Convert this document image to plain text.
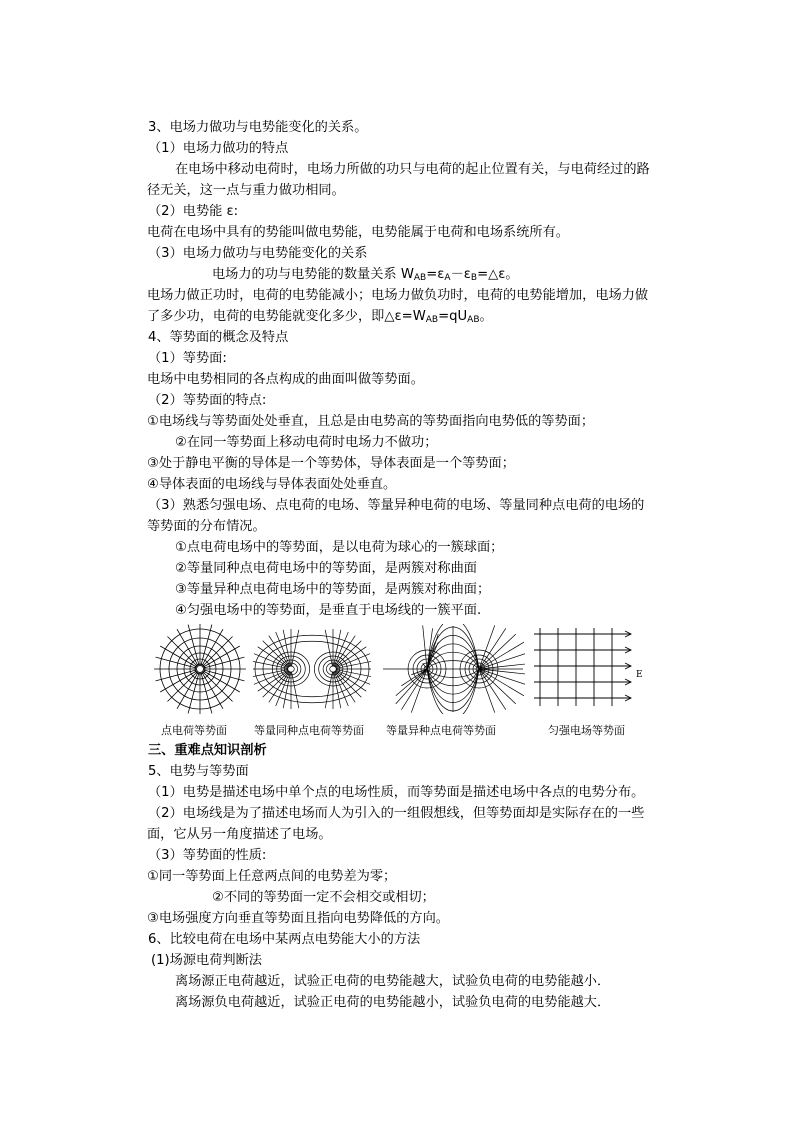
3、电场力做功与电势能变化的关系。
（1）电场力做功的特点
在电场中移动电荷时，电场力所做的功只与电荷的起止位置有关，与电荷经过的路
径无关，这一点与重力做功相同。
（2）电势能 ε:
电荷在电场中具有的势能叫做电势能，电势能属于电荷和电场系统所有。
（3）电场力做功与电势能变化的关系
电场力的功与电势能的数量关系 $W_{AB}=\varepsilon_A-\varepsilon_B=\triangle\varepsilon$。
电场力做正功时，电荷的电势能减小；电场力做负功时，电荷的电势能增加，电场力做
了多少功，电荷的电势能就变化多少，即$\triangle\varepsilon=W_{AB}=qU_{AB}$。
4、等势面的概念及特点
（1）等势面:
电场中电势相同的各点构成的曲面叫做等势面。
（2）等势面的特点:
①电场线与等势面处处垂直，且总是由电势高的等势面指向电势低的等势面；
②在同一等势面上移动电荷时电场力不做功；
③处于静电平衡的导体是一个等势体，导体表面是一个等势面；
④导体表面的电场线与导体表面处处垂直。
（3）熟悉匀强电场、点电荷的电场、等量异种电荷的电场、等量同种点电荷的电场的
等势面的分布情况。
①点电荷电场中的等势面，是以电荷为球心的一簇球面；
②等量同种点电荷电场中的等势面，是两簇对称曲面
③等量异种点电荷电场中的等势面，是两簇对称曲面；
④匀强电场中的等势面，是垂直于电场线的一簇平面.
E
点电荷等势面 等量同种点电荷等势面 等量异种点电荷等势面	匀强电场等势面
三、重难点知识剖析
5、电势与等势面
（1）电势是描述电场中单个点的电场性质，而等势面是描述电场中各点的电势分布。
（2）电场线是为了描述电场而人为引入的一组假想线，但等势面却是实际存在的一些
面，它从另一角度描述了电场。
（3）等势面的性质:
①同一等势面上任意两点间的电势差为零；
②不同的等势面一定不会相交或相切；
③电场强度方向垂直等势面且指向电势降低的方向。
6、比较电荷在电场中某两点电势能大小的方法
(1)场源电荷判断法
离场源正电荷越近，试验正电荷的电势能越大，试验负电荷的电势能越小．
离场源负电荷越近，试验正电荷的电势能越小，试验负电荷的电势能越大．
